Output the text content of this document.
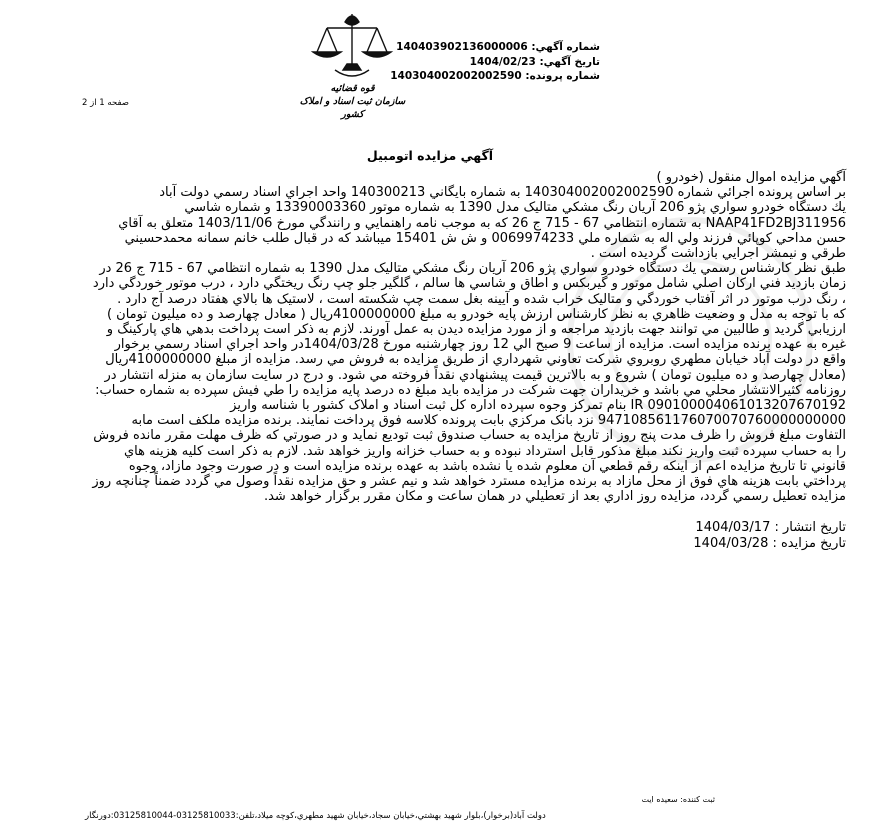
قوه قضائيه
سازمان ثبت اسناد و املاک کشور
شماره آگهي: 140403902136000006
تاريخ آگهي: 1404/02/23
شماره پرونده: 140304002002002590
صفحه 1 از 2
آگهي مزايده اتومبيل

آگهي مزايده اموال منقول (خودرو )

بر اساس پرونده اجرائي شماره 140304002002002590 به شماره بايگاني 140300213 واحد اجراي اسناد رسمي دولت آباد

يك دستگاه خودرو سواري پژو 206 آريان رنگ مشكي متاليک مدل 1390 به شماره موتور 13390003360 و شماره شاسي NAAP41FD2BJ311956 به شماره انتظامي 67 - 715 ج 26 که به موجب نامه راهنمايي و رانندگي مورخ 1403/11/06 متعلق به آقاي حسن مداحي كوپائي فرزند ولي اله به شماره ملي 0069974233 و ش ش 15401 ميباشد که در قبال طلب خانم سمانه محمدحسيني طرقي و نيمشر اجرايي بازداشت گرديده است .

طبق نظر كارشناس رسمي يك دستگاه خودرو سواري پژو 206 آريان رنگ مشكي متاليک مدل 1390 به شماره انتظامي 67 - 715 ج 26 در زمان بازديد فني اركان اصلي شامل موتور و گيربكس و اطاق و شاسي ها سالم ، گلگير جلو چپ رنگ ريختگي دارد ، درب موتور خوردگي دارد ، رنگ درب موتور در اثر آفتاب خوردگي و متاليک خراب شده و آيينه بغل سمت چپ شكسته است ، لاستيک ها بالاي هفتاد درصد آج دارد .

كه با توجه به مدل و وضعيت ظاهري به نظر كارشناس ارزش پايه خودرو به مبلغ 4100000000ريال ( معادل چهارصد و ده ميليون تومان ) ارزيابي گرديد و طالبين مي توانند جهت بازديد مراجعه و از مورد مزايده ديدن به عمل آورند. لازم به ذكر است پرداخت بدهي هاي پاركينگ و غيره به عهده برنده مزايده است. مزايده از ساعت 9 صبح الي 12 روز چهارشنبه مورخ 1404/03/28در واحد اجراي اسناد رسمي برخوار واقع در دولت آباد خيابان مطهري روبروي شركت تعاوني شهرداري از طريق مزايده به فروش مي رسد. مزايده از مبلغ 4100000000ريال (معادل چهارصد و ده ميليون تومان ) شروع و به بالاترين قيمت پيشنهادي نقداً فروخته مي شود. و درج در سايت سازمان به منزله انتشار در روزنامه كثيرالانتشار محلي مي باشد و خريداران جهت شركت در مزايده بايد مبلغ ده درصد پايه مزايده را طي فيش سپرده به شماره حساب: IR 090100004061013207670192 بنام تمركز وجوه سپرده اداره كل ثبت اسناد و املاک كشور با شناسه واريز 947108561176070070760000000000 نزد بانک مركزي بابت پرونده كلاسه فوق پرداخت نمايند. برنده مزايده ملكف است مابه التفاوت مبلغ فروش را ظرف مدت پنج روز از تاريخ مزايده به حساب صندوق ثبت توديع نمايد و در صورتي كه ظرف مهلت مقرر مانده فروش را به حساب سپرده ثبت واريز نكند مبلغ مذكور قابل استرداد نبوده و به حساب خزانه واريز خواهد شد. لازم به ذكر است كليه هزينه هاي قانوني تا تاريخ مزايده اعم از اينكه رقم قطعي آن معلوم شده يا نشده باشد به عهده برنده مزايده است و در صورت وجود مازاد، وجوه پرداختي بابت هزينه هاي فوق از محل مازاد به برنده مزايده مسترد خواهد شد و نيم عشر و حق مزايده نقداً وصول مي گردد ضمناً چنانچه روز مزايده تعطيل رسمي گردد، مزايده روز اداري بعد از تعطيلي در همان ساعت و مكان مقرر برگزار خواهد شد.

تاريخ انتشار : 1404/03/17

تاريخ مزايده : 1404/03/28

ثبت كننده: سعيده ايت
دولت آباد(برخوار)،بلوار شهيد بهشتي،خيابان سجاد،خيابان شهيد مطهري،كوچه ميلاد،تلفن:03125810033-03125810044:دورنگار
